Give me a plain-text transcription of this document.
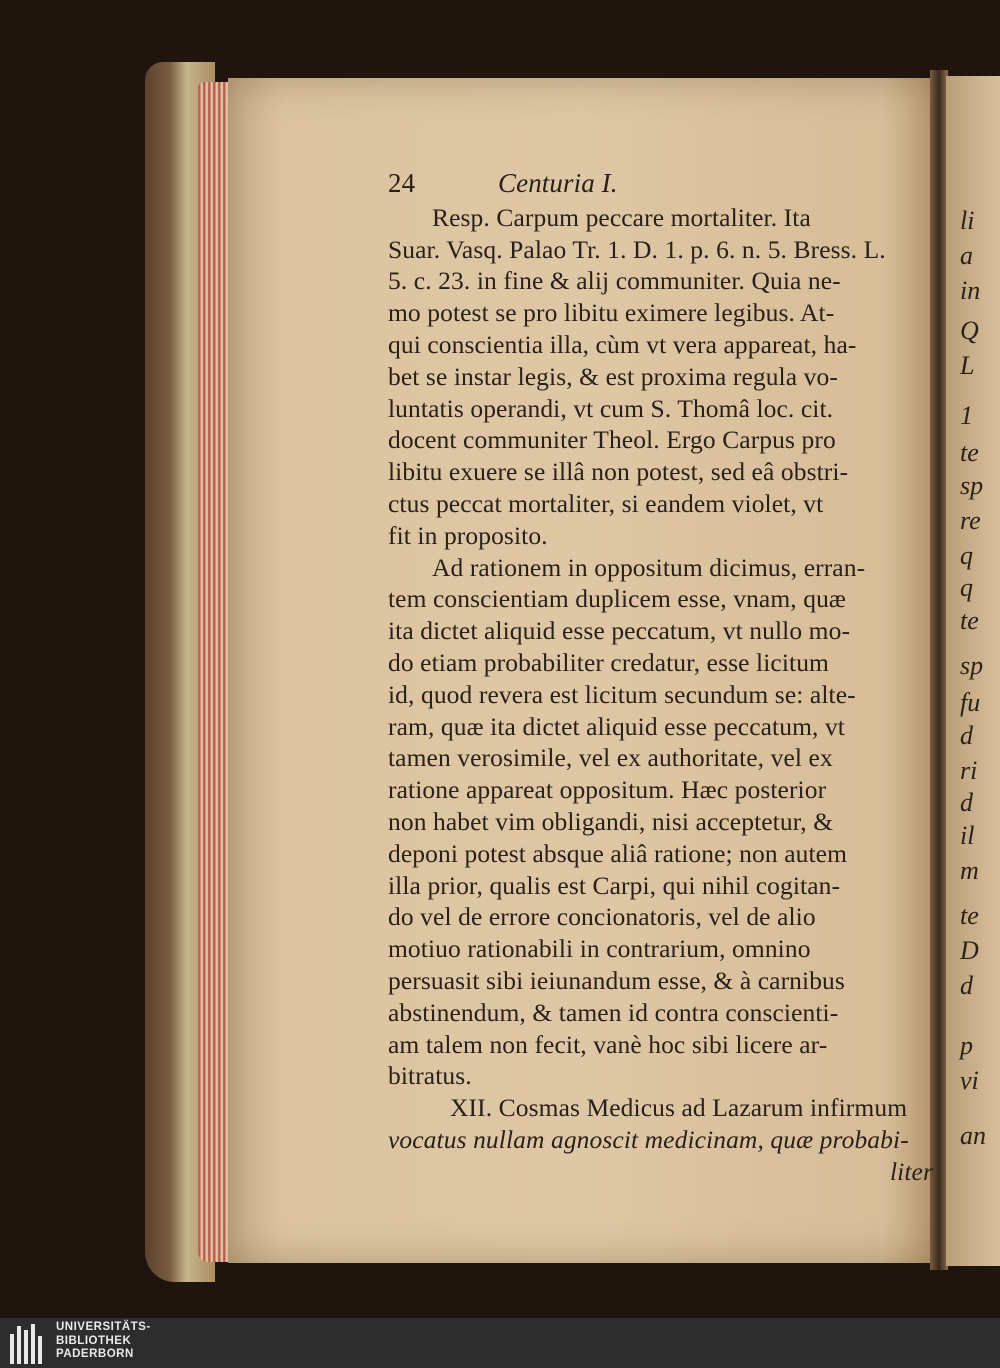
li
a
in
Q
L
1
te
sp
re
q
q
te
sp
fu
d
ri
d
il
m
te
D
d
p
vi
an
24	Centuria I.
Resp. Carpum peccare mortaliter. Ita
Suar. Vasq. Palao Tr. 1. D. 1. p. 6. n. 5. Bress. L.
5. c. 23. in fine & alij communiter. Quia ne-
mo potest se pro libitu eximere legibus. At-
qui conscientia illa, cùm vt vera appareat, ha-
bet se instar legis, & est proxima regula vo-
luntatis operandi, vt cum S. Thomâ loc. cit.
docent communiter Theol. Ergo Carpus pro
libitu exuere se illâ non potest, sed eâ obstri-
ctus peccat mortaliter, si eandem violet, vt
fit in proposito.
Ad rationem in oppositum dicimus, erran-
tem conscientiam duplicem esse, vnam, quæ
ita dictet aliquid esse peccatum, vt nullo mo-
do etiam probabiliter credatur, esse licitum
id, quod revera est licitum secundum se: alte-
ram, quæ ita dictet aliquid esse peccatum, vt
tamen verosimile, vel ex authoritate, vel ex
ratione appareat oppositum. Hæc posterior
non habet vim obligandi, nisi acceptetur, &
deponi potest absque aliâ ratione; non autem
illa prior, qualis est Carpi, qui nihil cogitan-
do vel de errore concionatoris, vel de alio
motiuo rationabili in contrarium, omnino
persuasit sibi ieiunandum esse, & à carnibus
abstinendum, & tamen id contra conscienti-
am talem non fecit, vanè hoc sibi licere ar-
bitratus.
XII. Cosmas Medicus ad Lazarum infirmum
vocatus nullam agnoscit medicinam, quæ probabi-
liter
UNIVERSITÄTS-
BIBLIOTHEK
PADERBORN
